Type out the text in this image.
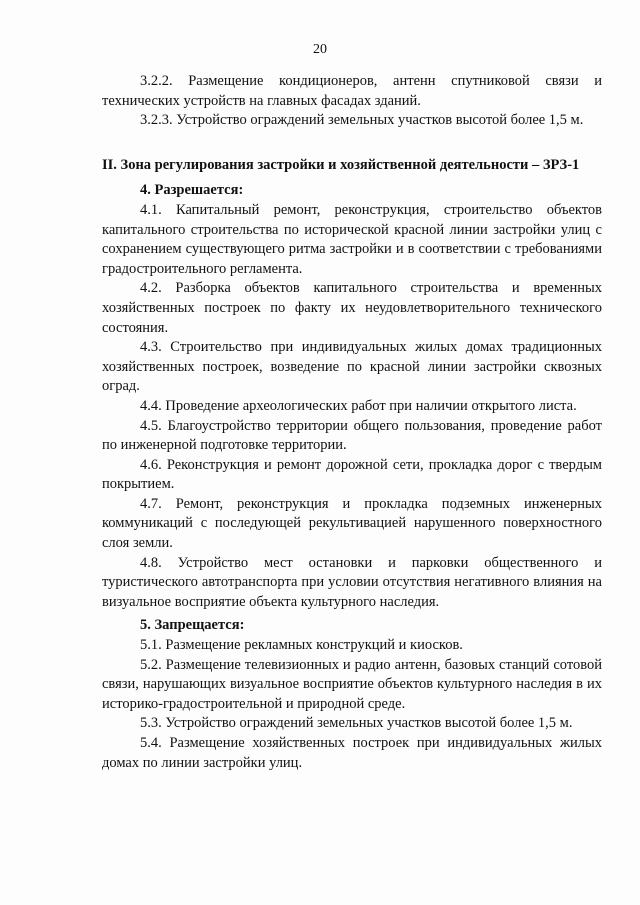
20

3.2.2. Размещение кондиционеров, антенн спутниковой связи и технических устройств на главных фасадах зданий.

3.2.3. Устройство ограждений земельных участков высотой более 1,5 м.

II. Зона регулирования застройки и хозяйственной деятельности – ЗРЗ-1

4. Разрешается:

4.1. Капитальный ремонт, реконструкция, строительство объектов капитального строительства по исторической красной линии застройки улиц с сохранением существующего ритма застройки и в соответствии с требованиями градостроительного регламента.

4.2. Разборка объектов капитального строительства и временных хозяйственных построек по факту их неудовлетворительного технического состояния.

4.3. Строительство при индивидуальных жилых домах традиционных хозяйственных построек, возведение по красной линии застройки сквозных оград.

4.4. Проведение археологических работ при наличии открытого листа.

4.5. Благоустройство территории общего пользования, проведение работ по инженерной подготовке территории.

4.6. Реконструкция и ремонт дорожной сети, прокладка дорог с твердым покрытием.

4.7. Ремонт, реконструкция и прокладка подземных инженерных коммуникаций с последующей рекультивацией нарушенного поверхностного слоя земли.

4.8. Устройство мест остановки и парковки общественного и туристического автотранспорта при условии отсутствия негативного влияния на визуальное восприятие объекта культурного наследия.

5. Запрещается:

5.1. Размещение рекламных конструкций и киосков.

5.2. Размещение телевизионных и радио антенн, базовых станций сотовой связи, нарушающих визуальное восприятие объектов культурного наследия в их историко-градостроительной и природной среде.

5.3. Устройство ограждений земельных участков высотой более 1,5 м.

5.4. Размещение хозяйственных построек при индивидуальных жилых домах по линии застройки улиц.
